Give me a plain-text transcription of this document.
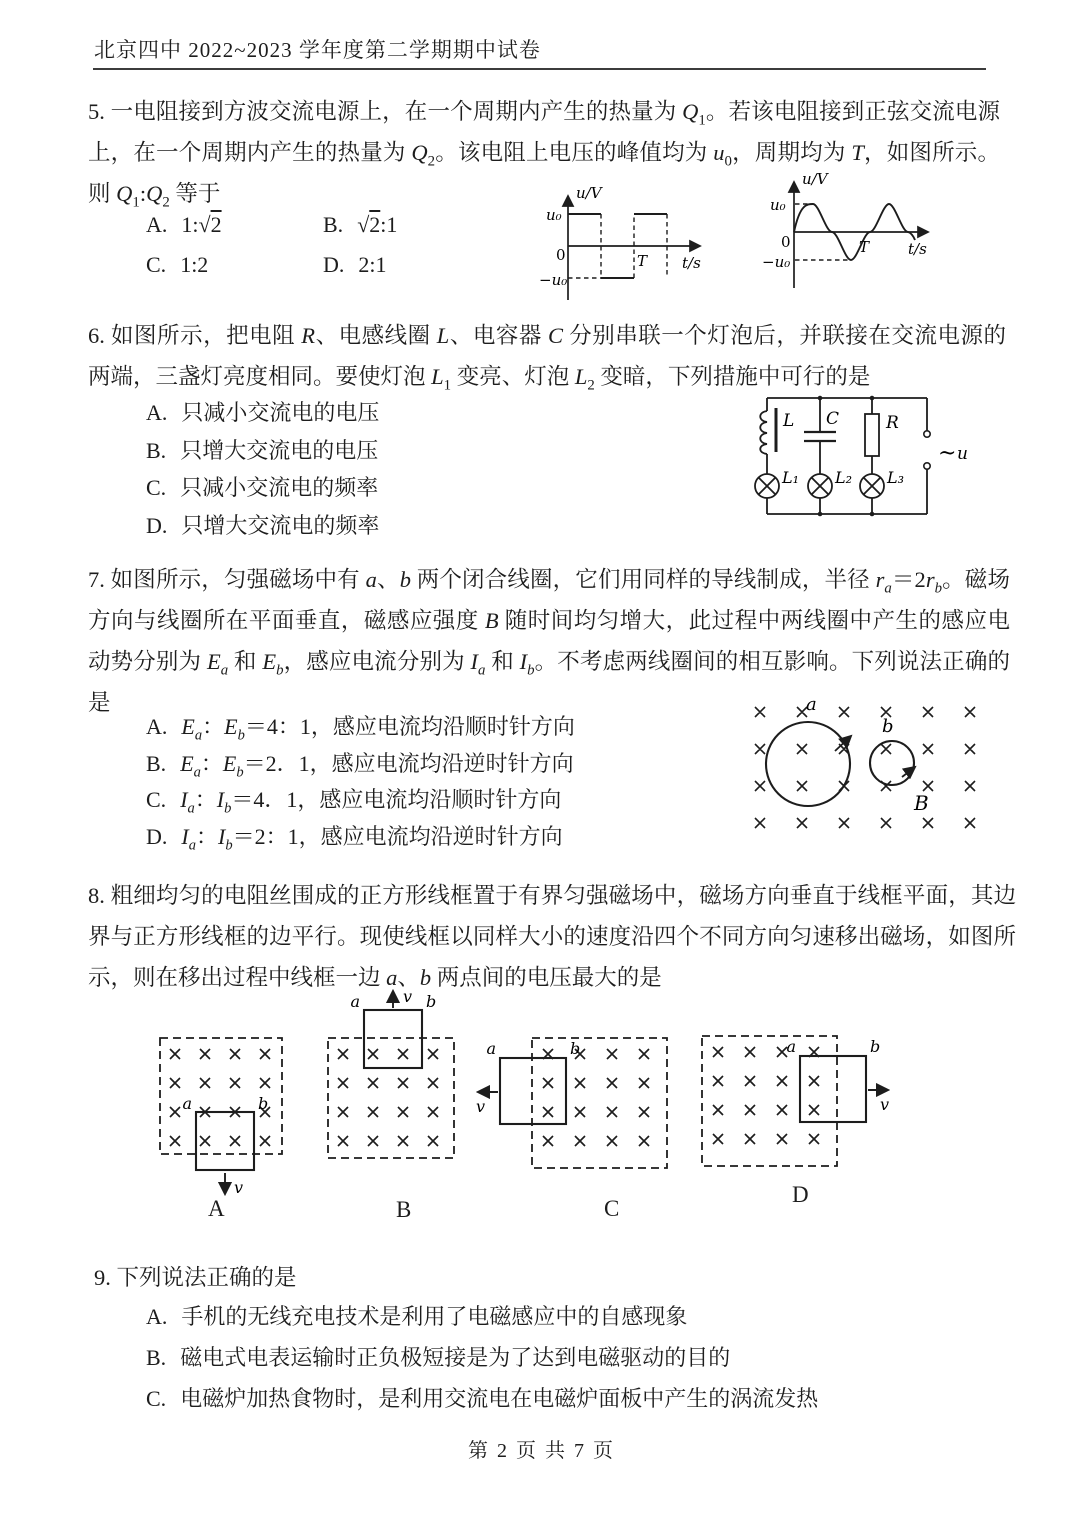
北京四中 2022~2023 学年度第二学期期中试卷
5. 一电阻接到方波交流电源上，在一个周期内产生的热量为 $Q_1$。若该电阻接到正弦交流电源上，在一个周期内产生的热量为 $Q_2$。该电阻上电压的峰值均为 $u_0$，周期均为 T，如图所示。则 $Q_1:Q_2$ 等于
A. 1:√2	B. √2:1
C. 1:2	D. 2:1
u/V
u₀
0
−u₀
T t/s
u/V
u₀
0
−u₀
T	t/s
6. 如图所示，把电阻 R、电感线圈 L、电容器 C 分别串联一个灯泡后，并联接在交流电源的两端，三盏灯亮度相同。要使灯泡 $L_1$ 变亮、灯泡 $L_2$ 变暗，下列措施中可行的是
A. 只减小交流电的电压
B. 只增大交流电的电压
C. 只减小交流电的频率
D. 只增大交流电的频率
L C	R
L₁ L₂ L₃
~ u
7. 如图所示，匀强磁场中有 a、b 两个闭合线圈，它们用同样的导线制成，半径 $r_a=2r_b$。磁场方向与线圈所在平面垂直，磁感应强度 B 随时间均匀增大，此过程中两线圈中产生的感应电动势分别为 $E_a$ 和 $E_b$，感应电流分别为 $I_a$ 和 $I_b$。不考虑两线圈间的相互影响。下列说法正确的是
A. $E_a$：$E_b=4$：1，感应电流均沿顺时针方向
B. $E_a$：$E_b=2$．1，感应电流均沿逆时针方向
C. $I_a$：$I_b=4$．1，感应电流均沿顺时针方向
D. $I_a$：$I_b=2$：1，感应电流均沿逆时针方向
a
b
B
8. 粗细均匀的电阻丝围成的正方形线框置于有界匀强磁场中，磁场方向垂直于线框平面，其边界与正方形线框的边平行。现使线框以同样大小的速度沿四个不同方向匀速移出磁场，如图所示，则在移出过程中线框一边 a、b 两点间的电压最大的是
a	b
v
a	b
v
a	b
v
a	b
v
A	B	C
D
9. 下列说法正确的是
A. 手机的无线充电技术是利用了电磁感应中的自感现象
B. 磁电式电表运输时正负极短接是为了达到电磁驱动的目的
C. 电磁炉加热食物时，是利用交流电在电磁炉面板中产生的涡流发热
第 2 页 共 7 页
